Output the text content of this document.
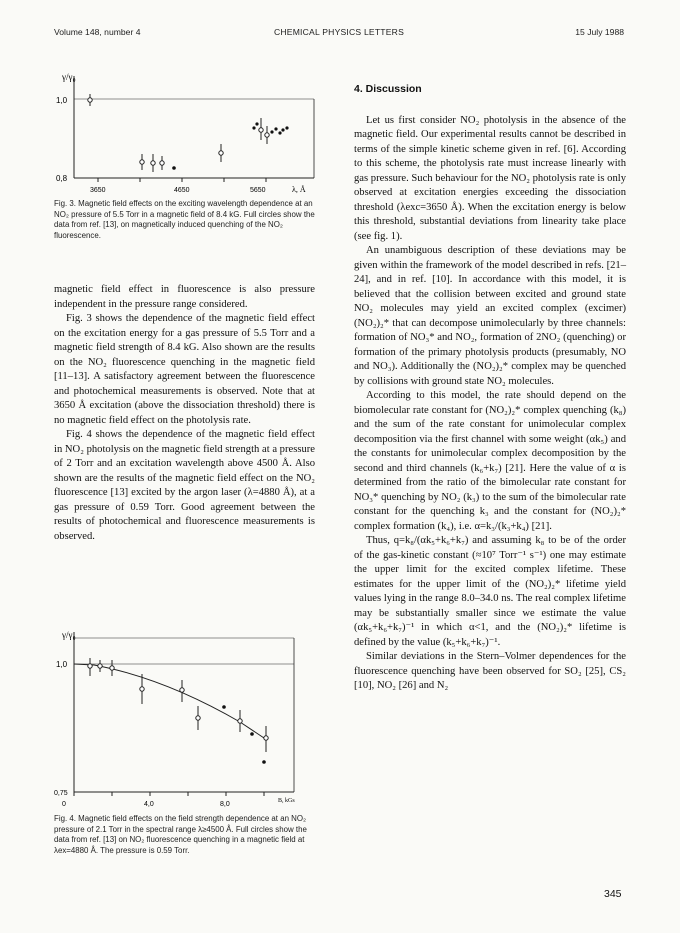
Volume 148, number 4	CHEMICAL PHYSICS LETTERS	15 July 1988
γ/γ₀
1,0
0,8
3650	4650	5650	λ, Å
Fig. 3. Magnetic field effects on the exciting wavelength dependence at an NO₂ pressure of 5.5 Torr in a magnetic field of 8.4 kG. Full circles show the data from ref. [13], on magnetically induced quenching of the NO₂ fluorescence.

magnetic field effect in fluorescence is also pressure independent in the pressure range considered.

Fig. 3 shows the dependence of the magnetic field effect on the excitation energy for a gas pressure of 5.5 Torr and a magnetic field strength of 8.4 kG. Also shown are the results on the NO₂ fluorescence quenching in the magnetic field [11–13]. A satisfactory agreement between the fluorescence and photochemical measurements is observed. Note that at 3650 Å excitation (above the dissociation threshold) there is no magnetic field effect on the photolysis rate.

Fig. 4 shows the dependence of the magnetic field effect in NO₂ photolysis on the magnetic field strength at a pressure of 2 Torr and an excitation wavelength above 4500 Å. Also shown are the results of the magnetic field effect on the NO₂ fluorescence [13] excited by the argon laser (λ=4880 Å), at a gas pressure of 0.59 Torr. Good agreement between the results of photochemical and fluorescence measurements is observed.

γ/γ₀
1,0
0,75
0	4,0	8,0	B, kGs
Fig. 4. Magnetic field effects on the field strength dependence at an NO₂ pressure of 2.1 Torr in the spectral range λ≥4500 Å. Full circles show the data from ref. [13] on NO₂ fluorescence quenching in a magnetic field at λex=4880 Å. The pressure is 0.59 Torr.
4. Discussion

Let us first consider NO₂ photolysis in the absence of the magnetic field. Our experimental results cannot be described in terms of the simple kinetic scheme given in ref. [6]. According to this scheme, the photolysis rate must increase linearly with gas pressure. Such behaviour for the NO₂ photolysis rate is only observed at excitation energies exceeding the dissociation threshold (λexc=3650 Å). When the excitation energy is below this threshold, substantial deviations from linearity take place (see fig. 1).

An unambiguous description of these deviations may be given within the framework of the model described in refs. [21–24], and in ref. [10]. In accordance with this model, it is believed that the collision between excited and ground state NO₂ molecules may yield an excited complex (excimer) (NO₂)₂* that can decompose unimolecularly by three channels: formation of NO₃* and NO₂, formation of 2NO₂ (quenching) or formation of the primary photolysis products (presumably, NO and NO₃). Additionally the (NO₂)₂* complex may be quenched by collisions with ground state NO₂ molecules.

According to this model, the rate should depend on the biomolecular rate constant for (NO₂)₂* complex quenching (k₈) and the sum of the rate constant for unimolecular complex decomposition via the first channel with some weight (αk₅) and the constants for unimolecular complex decomposition by the second and third channels (k₆+k₇) [21]. Here the value of α is determined from the ratio of the bimolecular rate constant for NO₃* quenching by NO₂ (k₃) to the sum of the bimolecular rate constant for the quenching k₃ and the constant for (NO₂)₂* complex formation (k₄), i.e. α=k₃/(k₃+k₄) [21].

Thus, q=k₈/(αk₅+k₆+k₇) and assuming k₈ to be of the order of the gas-kinetic constant (≈10⁷ Torr⁻¹ s⁻¹) one may estimate the upper limit for the excited complex lifetime. These estimates for the upper limit of the (NO₂)₂* lifetime yield values lying in the range 8.0–34.0 ns. The real complex lifetime may be substantially smaller since we estimate the value (αk₅+k₆+k₇)⁻¹ in which α<1, and the (NO₂)₂* lifetime is defined by the value (k₅+k₆+k₇)⁻¹.

Similar deviations in the Stern–Volmer dependences for the fluorescence quenching have been observed for SO₂ [25], CS₂ [10], NO₂ [26] and N₂

345
